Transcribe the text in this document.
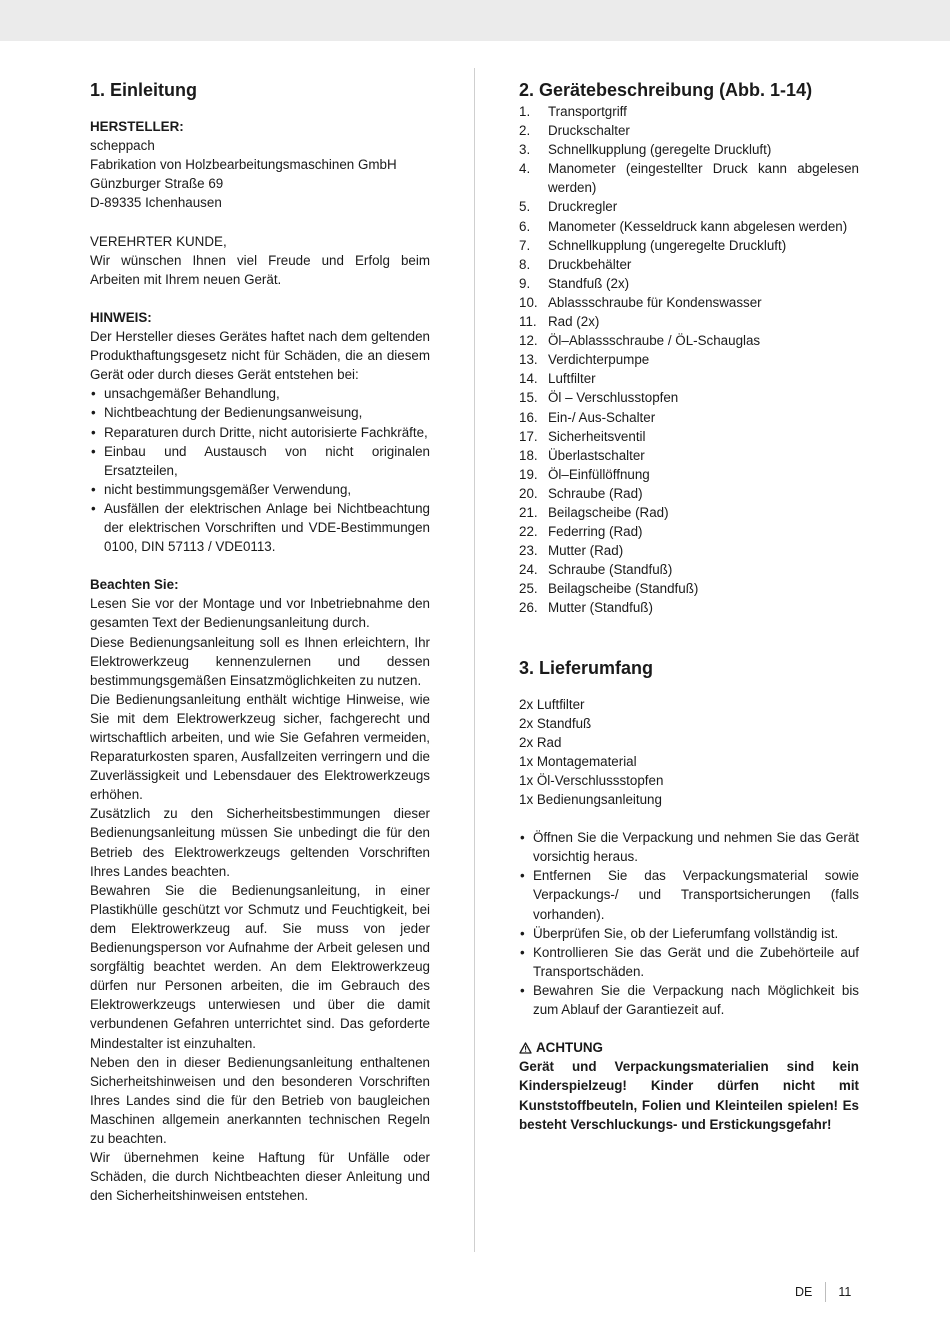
1. Einleitung
HERSTELLER:
scheppach
Fabrikation von Holzbearbeitungsmaschinen GmbH
Günzburger Straße 69
D-89335 Ichenhausen
VEREHRTER KUNDE,

Wir wünschen Ihnen viel Freude und Erfolg beim Arbeiten mit Ihrem neuen Gerät.

HINWEIS:

Der Hersteller dieses Gerätes haftet nach dem geltenden Produkthaftungsgesetz nicht für Schäden, die an diesem Gerät oder durch dieses Gerät entstehen bei:

• unsachgemäßer Behandlung,
• Nichtbeachtung der Bedienungsanweisung,
• Reparaturen durch Dritte, nicht autorisierte Fachkräfte,
• Einbau und Austausch von nicht originalen Ersatzteilen,
• nicht bestimmungsgemäßer Verwendung,
• Ausfällen der elektrischen Anlage bei Nichtbeachtung der elektrischen Vorschriften und VDE-Bestimmungen 0100, DIN 57113 / VDE0113.
Beachten Sie:

Lesen Sie vor der Montage und vor Inbetriebnahme den gesamten Text der Bedienungsanleitung durch.

Diese Bedienungsanleitung soll es Ihnen erleichtern, Ihr Elektrowerkzeug kennenzulernen und dessen bestimmungsgemäßen Einsatzmöglichkeiten zu nutzen.

Die Bedienungsanleitung enthält wichtige Hinweise, wie Sie mit dem Elektrowerkzeug sicher, fachgerecht und wirtschaftlich arbeiten, und wie Sie Gefahren vermeiden, Reparaturkosten sparen, Ausfallzeiten verringern und die Zuverlässigkeit und Lebensdauer des Elektrowerkzeugs erhöhen.

Zusätzlich zu den Sicherheitsbestimmungen dieser Bedienungsanleitung müssen Sie unbedingt die für den Betrieb des Elektrowerkzeugs geltenden Vorschriften Ihres Landes beachten.

Bewahren Sie die Bedienungsanleitung, in einer Plastikhülle geschützt vor Schmutz und Feuchtigkeit, bei dem Elektrowerkzeug auf. Sie muss von jeder Bedienungsperson vor Aufnahme der Arbeit gelesen und sorgfältig beachtet werden. An dem Elektrowerkzeug dürfen nur Personen arbeiten, die im Gebrauch des Elektrowerkzeugs unterwiesen und über die damit verbundenen Gefahren unterrichtet sind. Das geforderte Mindestalter ist einzuhalten.

Neben den in dieser Bedienungsanleitung enthaltenen Sicherheitshinweisen und den besonderen Vorschriften Ihres Landes sind die für den Betrieb von baugleichen Maschinen allgemein anerkannten technischen Regeln zu beachten.

Wir übernehmen keine Haftung für Unfälle oder Schäden, die durch Nichtbeachten dieser Anleitung und den Sicherheitshinweisen entstehen.

2. Gerätebeschreibung (Abb. 1-14)
1.	Transportgriff
2.	Druckschalter
3.	Schnellkupplung (geregelte Druckluft)
4.	Manometer (eingestellter Druck kann abgelesen werden)
5.	Druckregler
6.	Manometer (Kesseldruck kann abgelesen werden)
7.	Schnellkupplung (ungeregelte Druckluft)
8.	Druckbehälter
9.	Standfuß (2x)
10. Ablassschraube für Kondenswasser
11. Rad (2x)
12. Öl–Ablassschraube / ÖL-Schauglas
13. Verdichterpumpe
14. Luftfilter
15. Öl – Verschlusstopfen
16. Ein-/ Aus-Schalter
17. Sicherheitsventil
18. Überlastschalter
19. Öl–Einfüllöffnung
20. Schraube (Rad)
21. Beilagscheibe (Rad)
22. Federring (Rad)
23. Mutter (Rad)
24. Schraube (Standfuß)
25. Beilagscheibe (Standfuß)
26. Mutter (Standfuß)
3. Lieferumfang
2x Luftfilter
2x Standfuß
2x Rad
1x Montagematerial
1x Öl-Verschlussstopfen
1x Bedienungsanleitung
• Öffnen Sie die Verpackung und nehmen Sie das Gerät vorsichtig heraus.
• Entfernen Sie das Verpackungsmaterial sowie Verpackungs-/ und Transportsicherungen (falls vorhanden).
• Überprüfen Sie, ob der Lieferumfang vollständig ist.
• Kontrollieren Sie das Gerät und die Zubehörteile auf Transportschäden.
• Bewahren Sie die Verpackung nach Möglichkeit bis zum Ablauf der Garantiezeit auf.
ACHTUNG

Gerät und Verpackungsmaterialien sind kein Kinderspielzeug! Kinder dürfen nicht mit Kunststoffbeuteln, Folien und Kleinteilen spielen! Es besteht Verschluckungs- und Erstickungsgefahr!

DE 11
